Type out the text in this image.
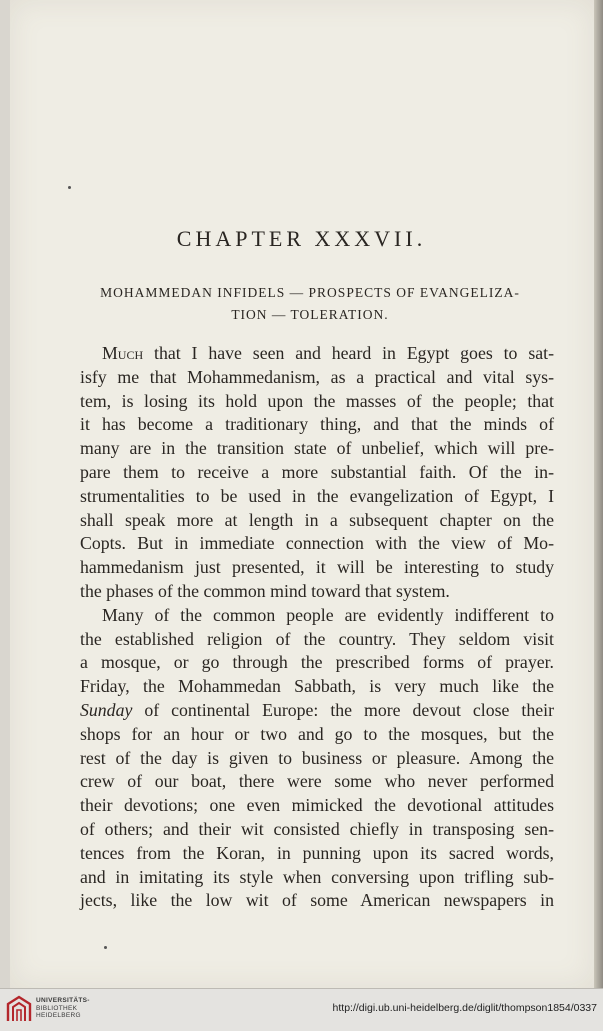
CHAPTER XXXVII.
MOHAMMEDAN INFIDELS — PROSPECTS OF EVANGELIZA-
TION — TOLERATION.
Much that I have seen and heard in Egypt goes to sat-
isfy me that Mohammedanism, as a practical and vital sys-
tem, is losing its hold upon the masses of the people; that
it has become a traditionary thing, and that the minds of
many are in the transition state of unbelief, which will pre-
pare them to receive a more substantial faith. Of the in-
strumentalities to be used in the evangelization of Egypt, I
shall speak more at length in a subsequent chapter on the
Copts. But in immediate connection with the view of Mo-
hammedanism just presented, it will be interesting to study
the phases of the common mind toward that system.
Many of the common people are evidently indifferent to
the established religion of the country. They seldom visit
a mosque, or go through the prescribed forms of prayer.
Friday, the Mohammedan Sabbath, is very much like the
Sunday of continental Europe: the more devout close their
shops for an hour or two and go to the mosques, but the
rest of the day is given to business or pleasure. Among the
crew of our boat, there were some who never performed
their devotions; one even mimicked the devotional attitudes
of others; and their wit consisted chiefly in transposing sen-
tences from the Koran, in punning upon its sacred words,
and in imitating its style when conversing upon trifling sub-
jects, like the low wit of some American newspapers in
UNIVERSITÄTS-
BIBLIOTHEK
HEIDELBERG
http://digi.ub.uni-heidelberg.de/diglit/thompson1854/0337
